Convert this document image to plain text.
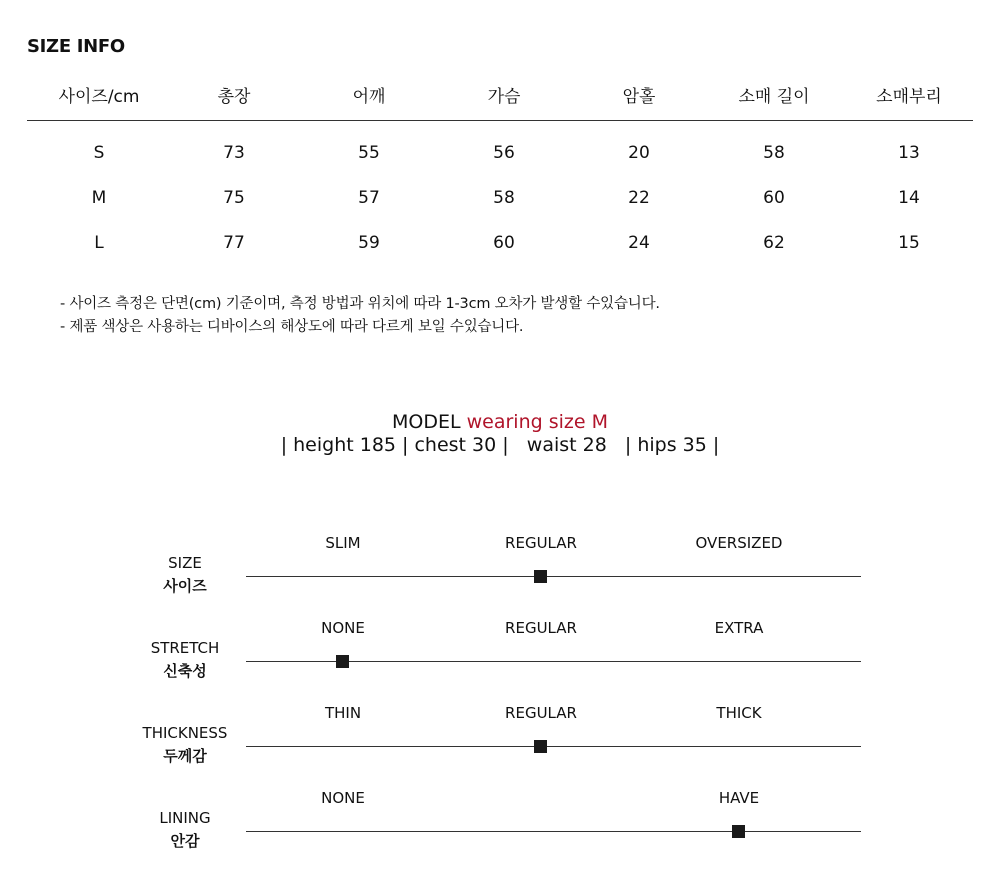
SIZE INFO
사이즈/cm	총장	어깨	가슴	암홀	소매 길이	소매부리
S	73	55	56	20	58	13
M	75	57	58	22	60	14
L	77	59	60	24	62	15
- 사이즈 측정은 단면(cm) 기준이며, 측정 방법과 위치에 따라 1-3cm 오차가 발생할 수있습니다.
- 제품 색상은 사용하는 디바이스의 해상도에 따라 다르게 보일 수있습니다.
MODEL wearing size M
| height 185 | chest 30 |   waist 28   | hips 35 |
SIZE
사이즈
SLIM	REGULAR	OVERSIZED
STRETCH
신축성
NONE	REGULAR	EXTRA
THICKNESS
두께감
THIN	REGULAR	THICK
LINING
안감
NONE	HAVE
